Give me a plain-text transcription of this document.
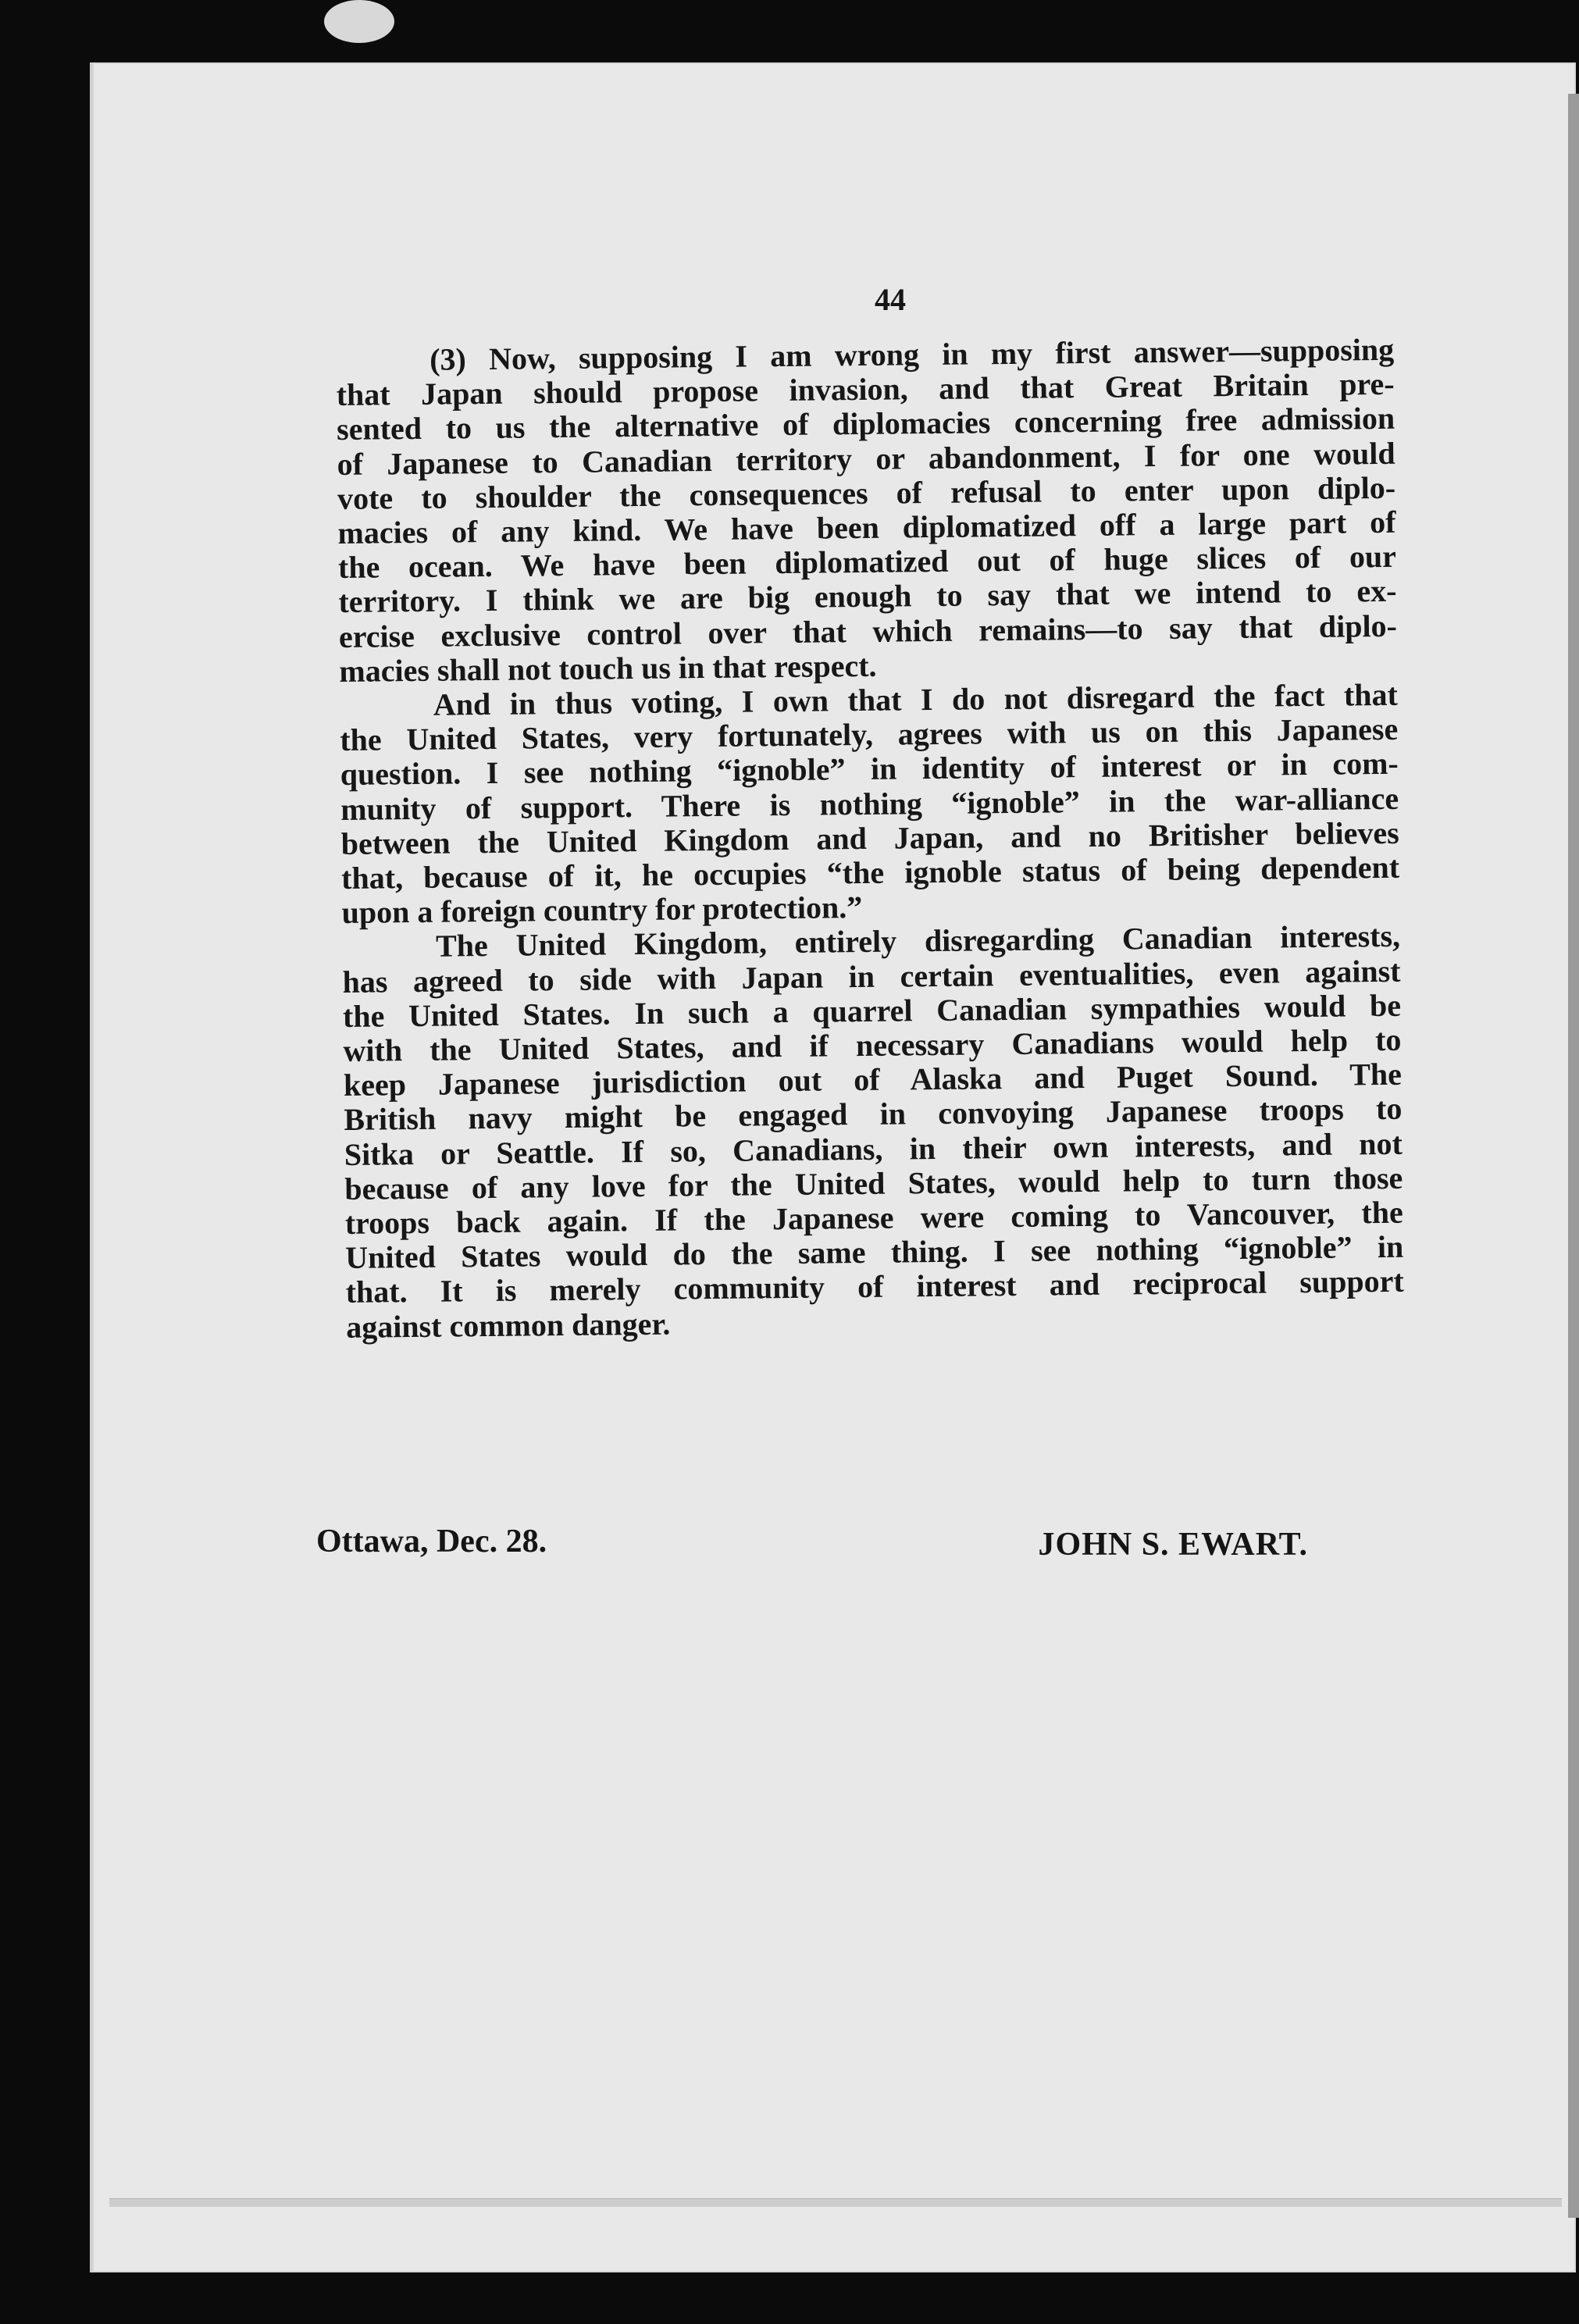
44
(3) Now, supposing I am wrong in my first answer—supposing
that Japan should propose invasion, and that Great Britain pre-
sented to us the alternative of diplomacies concerning free admission
of Japanese to Canadian territory or abandonment, I for one would
vote to shoulder the consequences of refusal to enter upon diplo-
macies of any kind. We have been diplomatized off a large part of
the ocean. We have been diplomatized out of huge slices of our
territory. I think we are big enough to say that we intend to ex-
ercise exclusive control over that which remains—to say that diplo-
macies shall not touch us in that respect.
And in thus voting, I own that I do not disregard the fact that
the United States, very fortunately, agrees with us on this Japanese
question. I see nothing “ignoble” in identity of interest or in com-
munity of support. There is nothing “ignoble” in the war-alliance
between the United Kingdom and Japan, and no Britisher believes
that, because of it, he occupies “the ignoble status of being dependent
upon a foreign country for protection.”
The United Kingdom, entirely disregarding Canadian interests,
has agreed to side with Japan in certain eventualities, even against
the United States. In such a quarrel Canadian sympathies would be
with the United States, and if necessary Canadians would help to
keep Japanese jurisdiction out of Alaska and Puget Sound. The
British navy might be engaged in convoying Japanese troops to
Sitka or Seattle. If so, Canadians, in their own interests, and not
because of any love for the United States, would help to turn those
troops back again. If the Japanese were coming to Vancouver, the
United States would do the same thing. I see nothing “ignoble” in
that. It is merely community of interest and reciprocal support
against common danger.
Ottawa, Dec. 28.	JOHN S. EWART.
